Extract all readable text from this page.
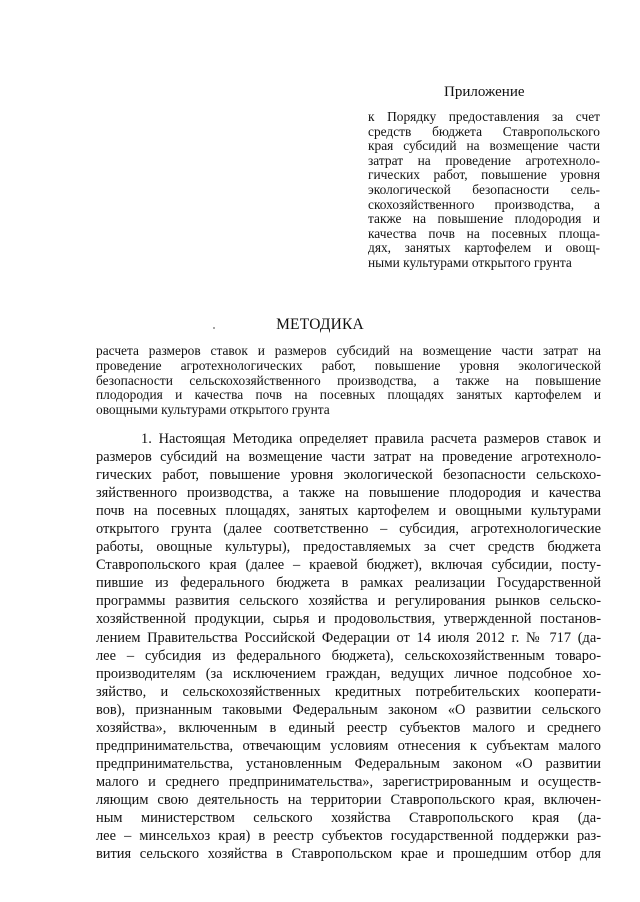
Приложение
к Порядку предоставления за счет
средств бюджета Ставропольского
края субсидий на возмещение части
затрат на проведение агротехноло-
гических работ, повышение уровня
экологической безопасности сель-
скохозяйственного производства, а
также на повышение плодородия и
качества почв на посевных площа-
дях, занятых картофелем и овощ-
ными культурами открытого грунта
МЕТОДИКА
расчета размеров ставок и размеров субсидий на возмещение части затрат на
проведение агротехнологических работ, повышение уровня экологической
безопасности сельскохозяйственного производства, а также на повышение
плодородия и качества почв на посевных площадях занятых картофелем и
овощными культурами открытого грунта
1. Настоящая Методика определяет правила расчета размеров ставок и
размеров субсидий на возмещение части затрат на проведение агротехноло-
гических работ, повышение уровня экологической безопасности сельскохо-
зяйственного производства, а также на повышение плодородия и качества
почв на посевных площадях, занятых картофелем и овощными культурами
открытого грунта (далее соответственно – субсидия, агротехнологические
работы, овощные культуры), предоставляемых за счет средств бюджета
Ставропольского края (далее – краевой бюджет), включая субсидии, посту-
пившие из федерального бюджета в рамках реализации Государственной
программы развития сельского хозяйства и регулирования рынков сельско-
хозяйственной продукции, сырья и продовольствия, утвержденной постанов-
лением Правительства Российской Федерации от 14 июля 2012 г. № 717 (да-
лее – субсидия из федерального бюджета), сельскохозяйственным товаро-
производителям (за исключением граждан, ведущих личное подсобное хо-
зяйство, и сельскохозяйственных кредитных потребительских кооперати-
вов), признанным таковыми Федеральным законом «О развитии сельского
хозяйства», включенным в единый реестр субъектов малого и среднего
предпринимательства, отвечающим условиям отнесения к субъектам малого
предпринимательства, установленным Федеральным законом «О развитии
малого и среднего предпринимательства», зарегистрированным и осуществ-
ляющим свою деятельность на территории Ставропольского края, включен-
ным министерством сельского хозяйства Ставропольского края (да-
лее – минсельхоз края) в реестр субъектов государственной поддержки раз-
вития сельского хозяйства в Ставропольском крае и прошедшим отбор для
